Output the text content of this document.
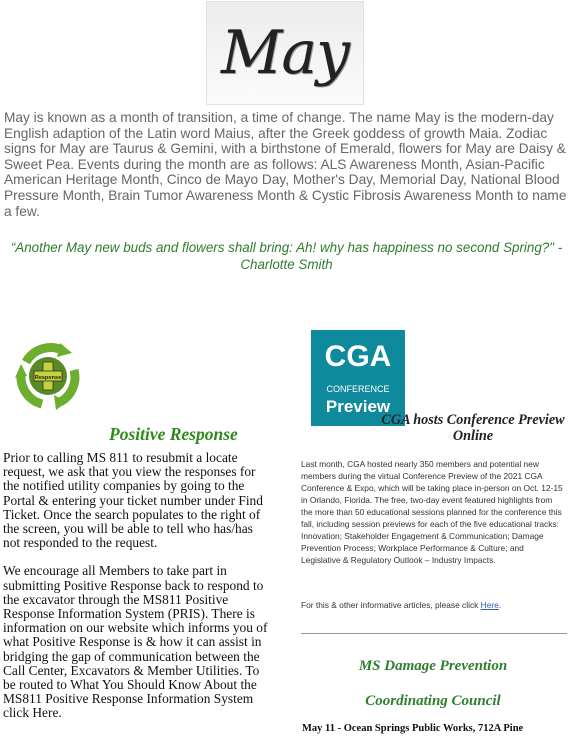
May

May is known as a month of transition, a time of change. The name May is the modern-day English adaption of the Latin word Maius, after the Greek goddess of growth Maia. Zodiac signs for May are Taurus & Gemini, with a birthstone of Emerald, flowers for May are Daisy & Sweet Pea. Events during the month are as follows: ALS Awareness Month, Asian-Pacific American Heritage Month, Cinco de Mayo Day, Mother's Day, Memorial Day, National Blood Pressure Month, Brain Tumor Awareness Month & Cystic Fibrosis Awareness Month to name a few.

“Another May new buds and flowers shall bring: Ah! why has happiness no second Spring?" -Charlotte Smith

Response
Positive Response

Prior to calling MS 811 to resubmit a locate request, we ask that you view the responses for the notified utility companies by going to the Portal & entering your ticket number under Find Ticket. Once the search populates to the right of the screen, you will be able to tell who has/has not responded to the request.

We encourage all Members to take part in submitting Positive Response back to respond to the excavator through the MS811 Positive Response Information System (PRIS). There is information on our website which informs you of what Positive Response is & how it can assist in bridging the gap of communication between the Call Center, Excavators & Member Utilities. To be routed to What You Should Know About the MS811 Positive Response Information System click Here.

CGA
CONFERENCE
Preview
CGA hosts Conference Preview Online

Last month, CGA hosted nearly 350 members and potential new members during the virtual Conference Preview of the 2021 CGA Conference & Expo, which will be taking place in-person on Oct. 12-15 in Orlando, Florida. The free, two-day event featured highlights from the more than 50 educational sessions planned for the conference this fall, including session previews for each of the five educational tracks: Innovation; Stakeholder Engagement & Communication; Damage Prevention Process; Workplace Performance & Culture; and Legislative & Regulatory Outlook – Industry Impacts.

For this & other informative articles, please click Here.

MS Damage Prevention
Coordinating Council
May 11 - Ocean Springs Public Works, 712A Pine
